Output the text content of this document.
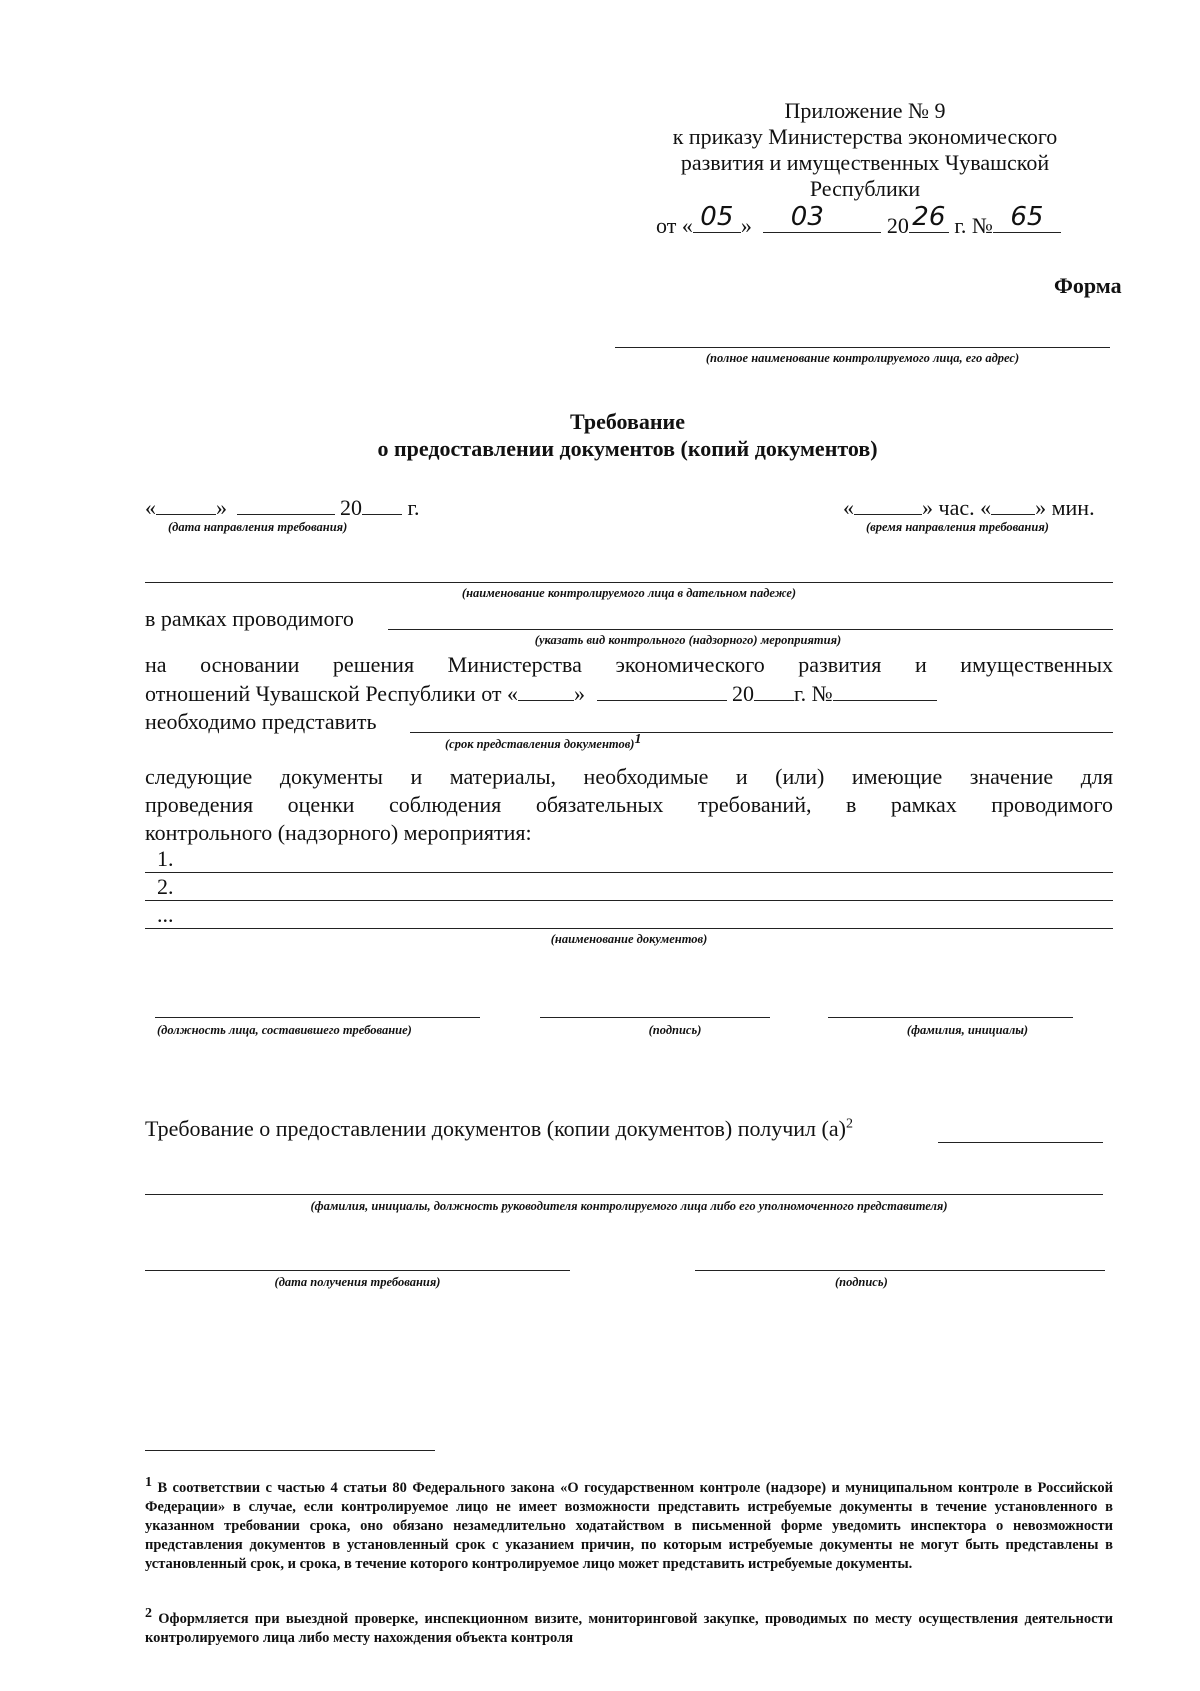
Приложение № 9
к приказу Министерства экономического
развития и имущественных Чувашской
Республики
от « 05 » 03	20 26 г. № 65
Форма
(полное наименование контролируемого лица, его адрес)
Требование
о предоставлении документов (копий документов)
«	»	20 г.
(дата направления требования)
«	» час. « » мин.
(время направления требования)
(наименование контролируемого лица в дательном падеже)
в рамках проводимого
(указать вид контрольного (надзорного) мероприятия)
на основании решения Министерства экономического развития и имущественных
отношений Чувашской Республики от «	»	20 г. №
необходимо представить
(срок представления документов)$^1$
следующие документы и материалы, необходимые и (или) имеющие значение для
проведения оценки соблюдения обязательных требований, в рамках проводимого
контрольного (надзорного) мероприятия:
1.
2.
...
(наименование документов)
(должность лица, составившего требование)	(подпись)	(фамилия, инициалы)
Требование о предоставлении документов (копии документов) получил $(а)^2$
(фамилия, инициалы, должность руководителя контролируемого лица либо его уполномоченного представителя)
(дата получения требования)	(подпись)
$^1$ В соответствии с частью 4 статьи 80 Федерального закона «О государственном контроле (надзоре) и муниципальном контроле в Российской Федерации» в случае, если контролируемое лицо не имеет возможности представить истребуемые документы в течение установленного в указанном требовании срока, оно обязано незамедлительно ходатайством в письменной форме уведомить инспектора о невозможности представления документов в установленный срок с указанием причин, по которым истребуемые документы не могут быть представлены в установленный срок, и срока, в течение которого контролируемое лицо может представить истребуемые документы.
$^2$ Оформляется при выездной проверке, инспекционном визите, мониторинговой закупке, проводимых по месту осуществления деятельности контролируемого лица либо месту нахождения объекта контроля
